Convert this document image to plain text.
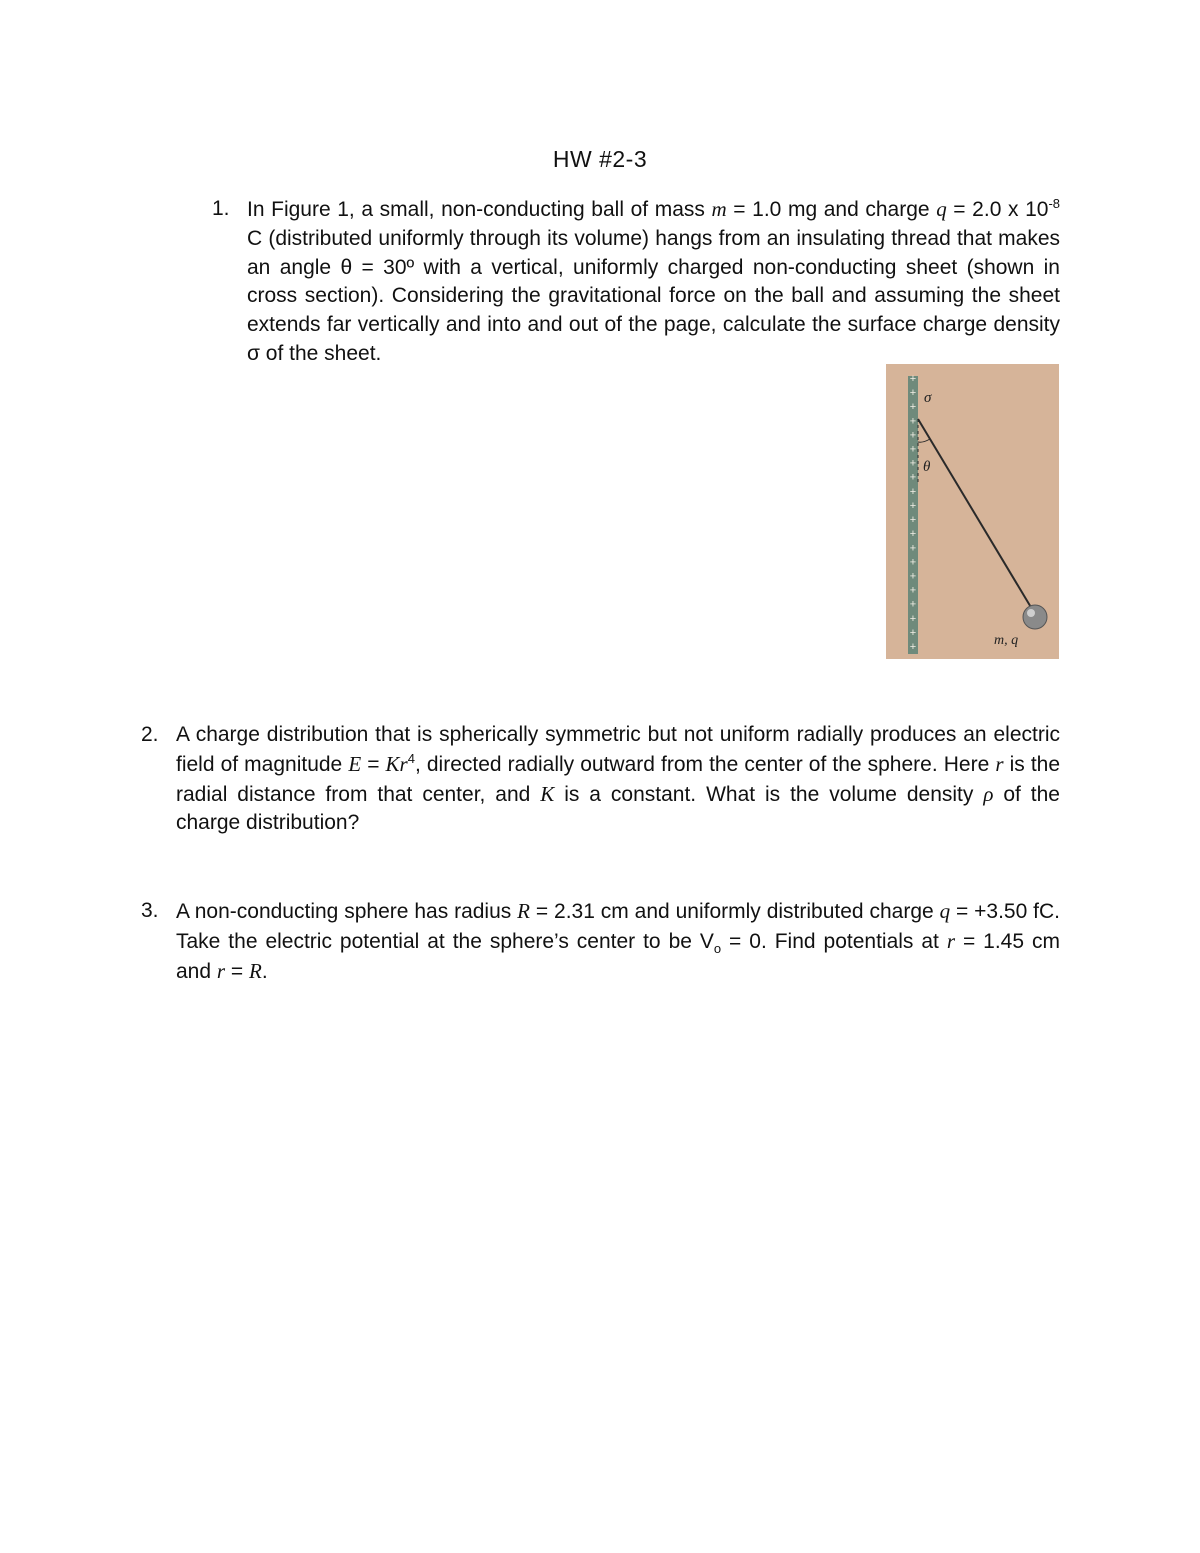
HW #2-3
1. In Figure 1, a small, non-conducting ball of mass m = 1.0 mg and charge q = 2.0 x $10^{-8}$ C (distributed uniformly through its volume) hangs from an insulating thread that makes an angle θ = 30º with a vertical, uniformly charged non-conducting sheet (shown in cross section). Considering the gravitational force on the ball and assuming the sheet extends far vertically and into and out of the page, calculate the surface charge density σ of the sheet.

+
+
+
+
+
+
+
+
+
+
+
+
+
+
+
+
+
+
+
+
σ
θ
m, q
2. A charge distribution that is spherically symmetric but not uniform radially produces an electric field of magnitude $E = Kr^4$, directed radially outward from the center of the sphere. Here r is the radial distance from that center, and K is a constant. What is the volume density ρ of the charge distribution?

3. A non-conducting sphere has radius R = 2.31 cm and uniformly distributed charge q = +3.50 fC. Take the electric potential at the sphere’s center to be $V_o = 0$. Find potentials at r = 1.45 cm and r = R.
